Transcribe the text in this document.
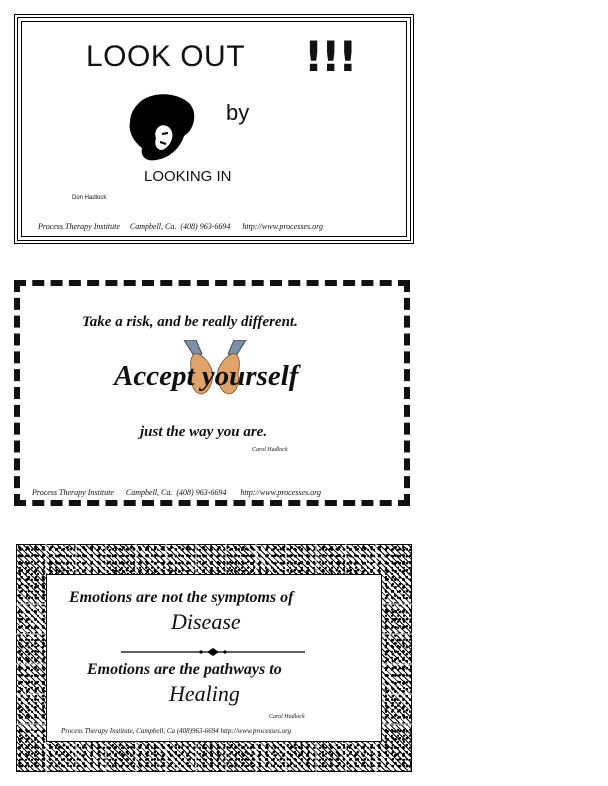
LOOK OUT !!!
by
LOOKING IN
Don Hadlock
Process Therapy Institute     Campbell, Ca.  (408) 963-6694      http://www.processes.org
Take a risk, and be really different.
Accept yourself
just the way you are.
Carol Hadlock
Process Therapy Institute      Campbell, Ca.  (408) 963-6694       http://www.processes.org
Emotions are not the symptoms of
Disease
Emotions are the pathways to
Healing
Carol Hadlock
Process Therapy Institute, Campbell, Ca (408)963-6694 http://www.processes.org
